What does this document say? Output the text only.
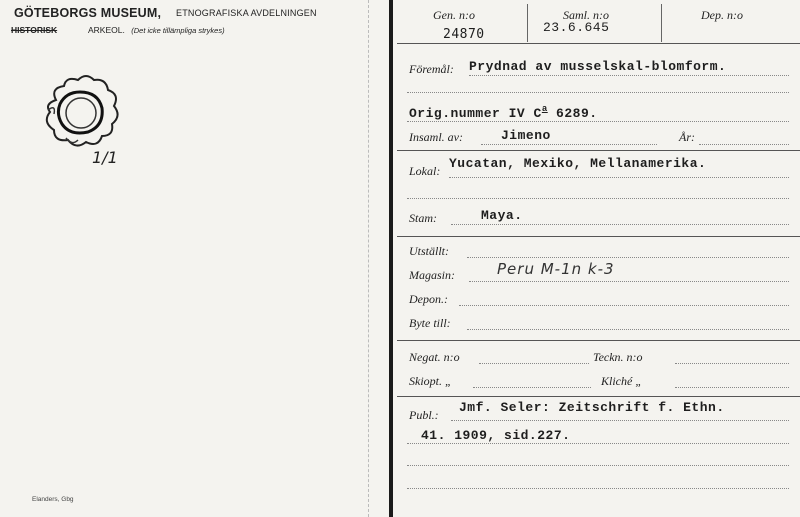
GÖTEBORGS MUSEUM, ETNOGRAFISKA AVDELNINGEN
HISTORISK	ARKEOL. (Det icke tillämpliga strykes)
1/1
Elanders, Gbg
Gen. n:o
24870
Saml. n:o
23.6.645
Dep. n:o
Föremål: Prydnad av musselskal-blomform.
Orig.nummer IV $C^a$ 6289.
Insaml. av:	Jimeno	År:
Lokal: Yucatan, Mexiko, Mellanamerika.
Stam:	Maya.
Utställt:
Magasin:	Peru M-1n k-3
Depon.:
Byte till:
Negat. n:o	Teckn. n:o
Skiopt. „	Kliché „
Publ.: Jmf. Seler: Zeitschrift f. Ethn.
41. 1909, sid.227.
